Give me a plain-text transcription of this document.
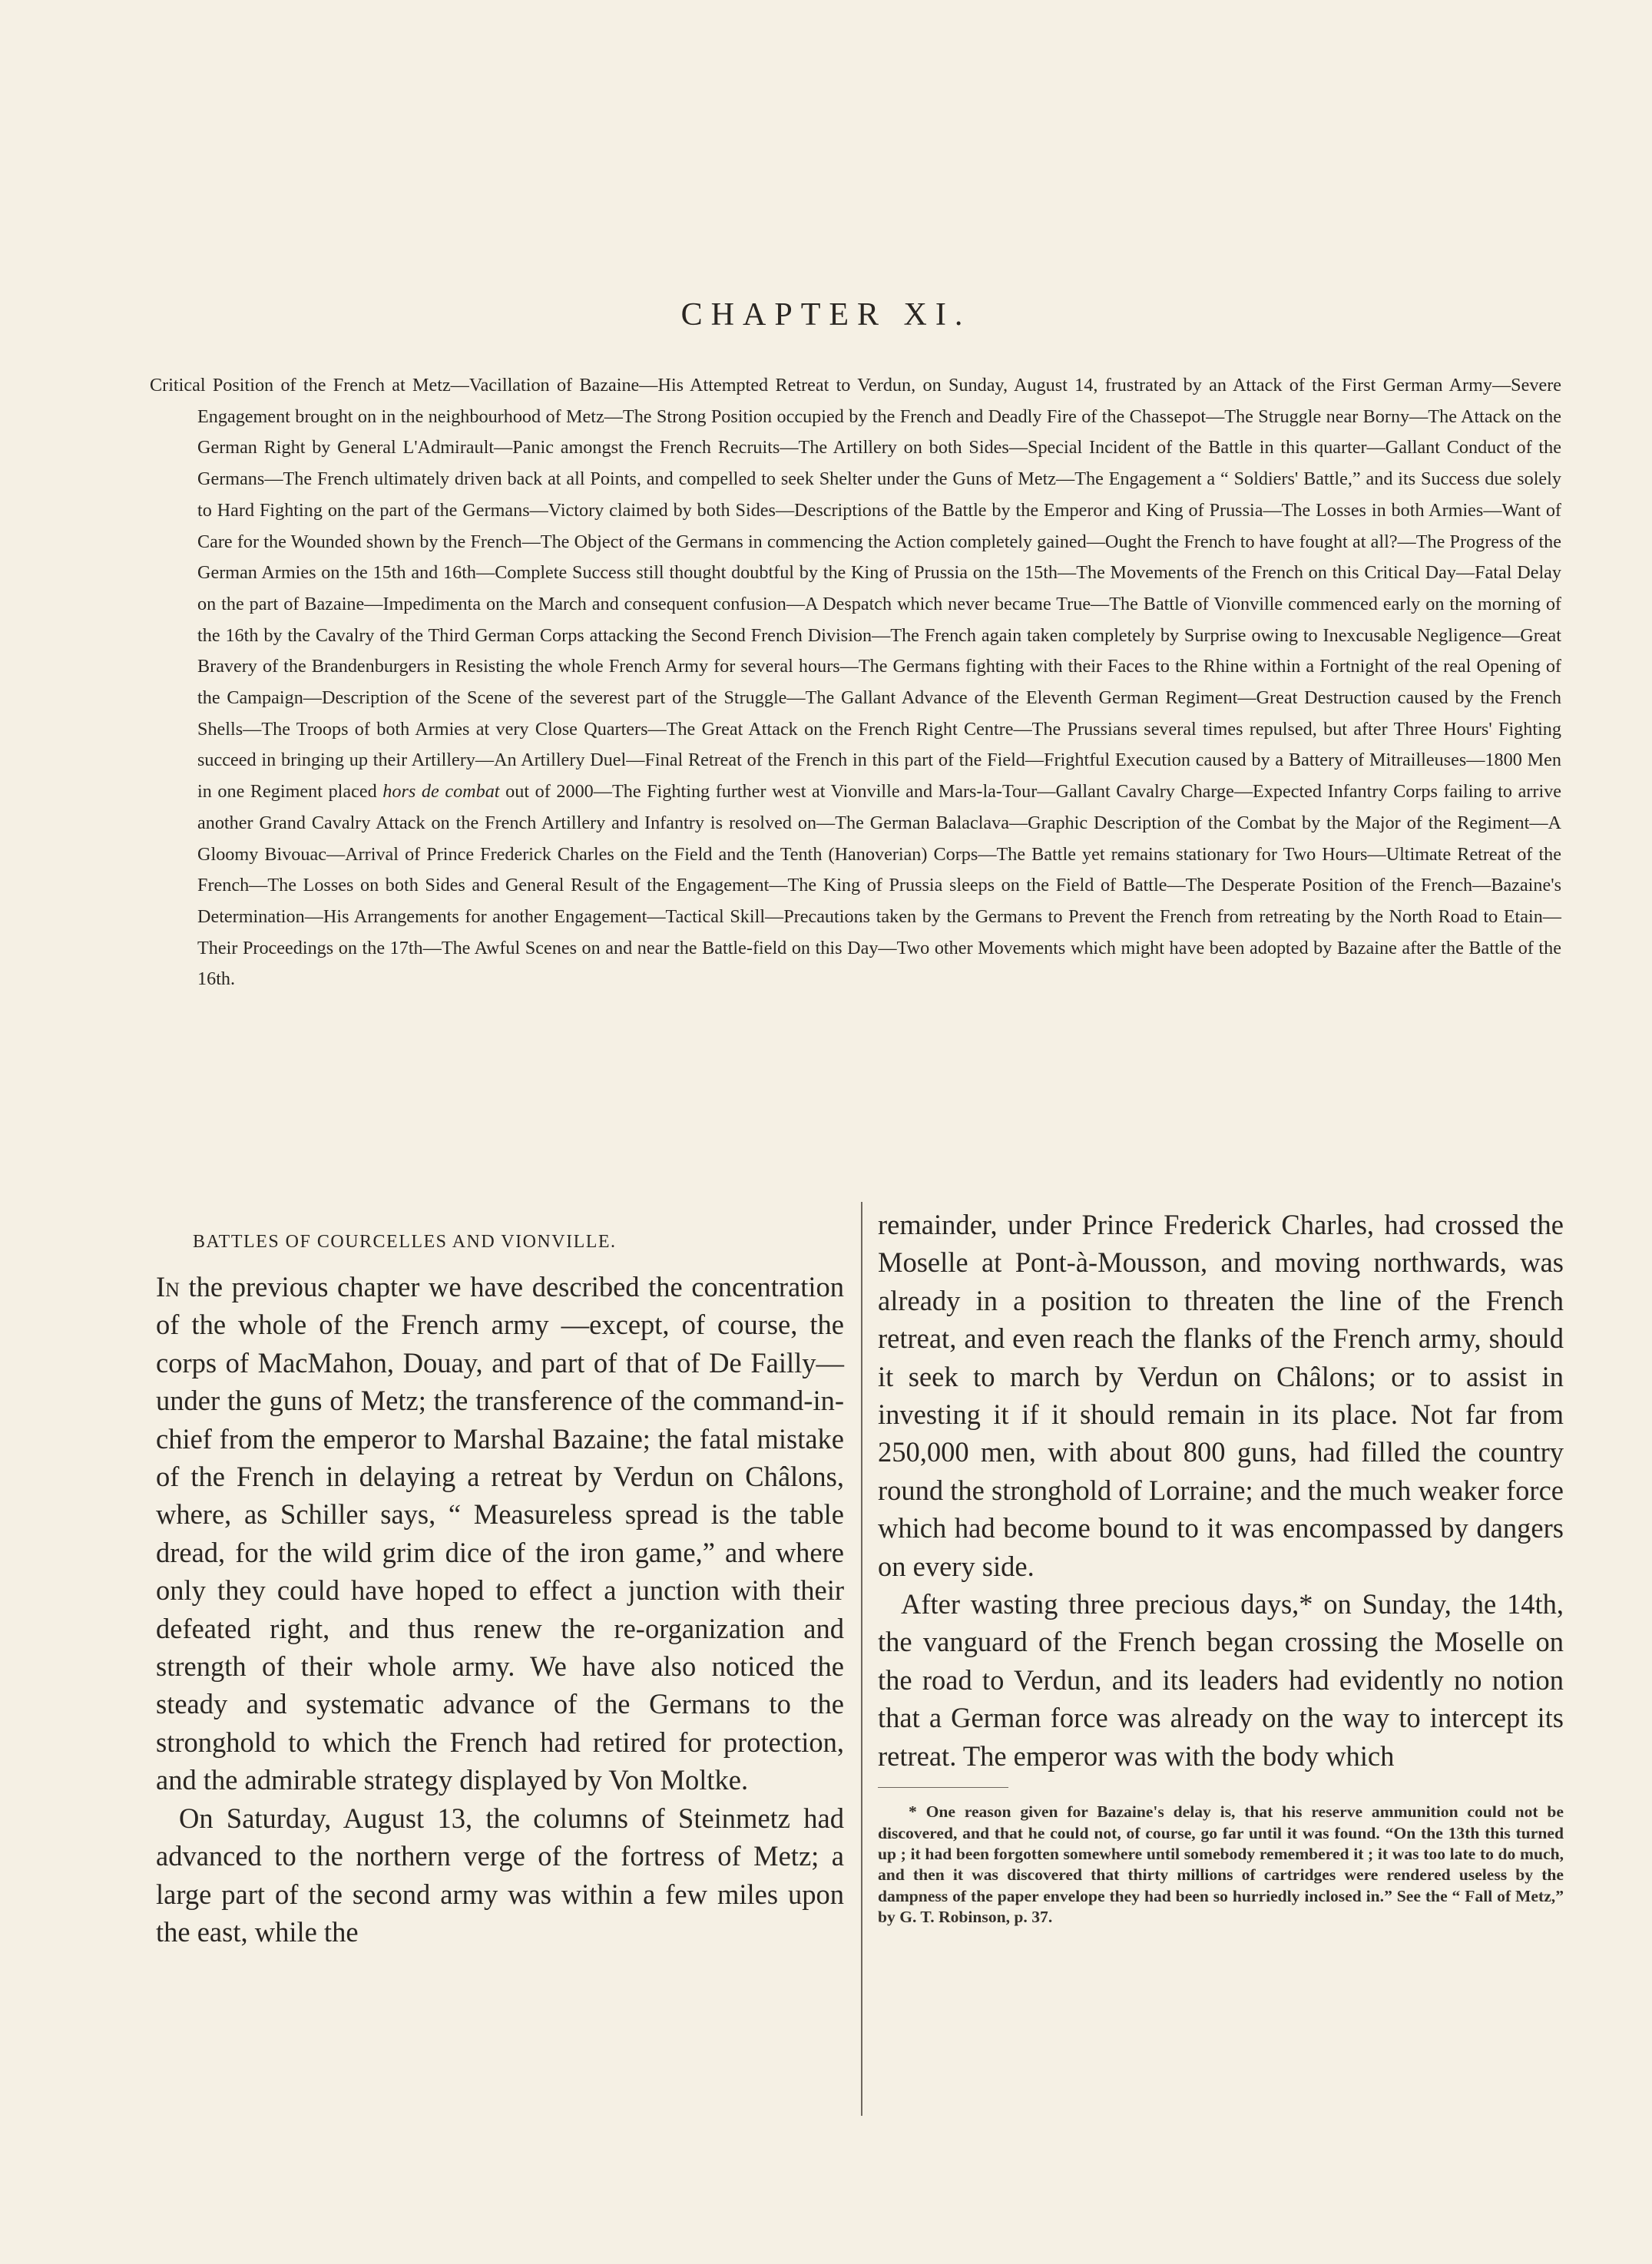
CHAPTER XI.

Critical Position of the French at Metz—Vacillation of Bazaine—His Attempted Retreat to Verdun, on Sunday, August 14, frustrated by an Attack of the First German Army—Severe Engagement brought on in the neighbourhood of Metz—The Strong Position occupied by the French and Deadly Fire of the Chassepot—The Struggle near Borny—The Attack on the German Right by General L'Admirault—Panic amongst the French Recruits—The Artillery on both Sides—Special Incident of the Battle in this quarter—Gallant Conduct of the Germans—The French ultimately driven back at all Points, and compelled to seek Shelter under the Guns of Metz—The Engagement a “ Soldiers' Battle,” and its Success due solely to Hard Fighting on the part of the Germans—Victory claimed by both Sides—Descriptions of the Battle by the Emperor and King of Prussia—The Losses in both Armies—Want of Care for the Wounded shown by the French—The Object of the Germans in commencing the Action completely gained—Ought the French to have fought at all?—The Progress of the German Armies on the 15th and 16th—Complete Success still thought doubtful by the King of Prussia on the 15th—The Movements of the French on this Critical Day—Fatal Delay on the part of Bazaine—Impedimenta on the March and consequent confusion—A Despatch which never became True—The Battle of Vionville commenced early on the morning of the 16th by the Cavalry of the Third German Corps attacking the Second French Division—The French again taken completely by Surprise owing to Inexcusable Negligence—Great Bravery of the Brandenburgers in Resisting the whole French Army for several hours—The Germans fighting with their Faces to the Rhine within a Fortnight of the real Opening of the Campaign—Description of the Scene of the severest part of the Struggle—The Gallant Advance of the Eleventh German Regiment—Great Destruction caused by the French Shells—The Troops of both Armies at very Close Quarters—The Great Attack on the French Right Centre—The Prussians several times repulsed, but after Three Hours' Fighting succeed in bringing up their Artillery—An Artillery Duel—Final Retreat of the French in this part of the Field—Frightful Execution caused by a Battery of Mitrailleuses—1800 Men in one Regiment placed hors de combat out of 2000—The Fighting further west at Vionville and Mars-la-Tour—Gallant Cavalry Charge—Expected Infantry Corps failing to arrive another Grand Cavalry Attack on the French Artillery and Infantry is resolved on—The German Balaclava—Graphic Description of the Combat by the Major of the Regiment—A Gloomy Bivouac—Arrival of Prince Frederick Charles on the Field and the Tenth (Hanoverian) Corps—The Battle yet remains stationary for Two Hours—Ultimate Retreat of the French—The Losses on both Sides and General Result of the Engagement—The King of Prussia sleeps on the Field of Battle—The Desperate Position of the French—Bazaine's Determination—His Arrangements for another Engagement—Tactical Skill—Precautions taken by the Germans to Prevent the French from retreating by the North Road to Etain—Their Proceedings on the 17th—The Awful Scenes on and near the Battle-field on this Day—Two other Movements which might have been adopted by Bazaine after the Battle of the 16th.

BATTLES OF COURCELLES AND VIONVILLE.

In the previous chapter we have described the concentration of the whole of the French army —except, of course, the corps of MacMahon, Douay, and part of that of De Failly—under the guns of Metz; the transference of the command-in-chief from the emperor to Marshal Bazaine; the fatal mistake of the French in delaying a retreat by Verdun on Châlons, where, as Schiller says, “ Measureless spread is the table dread, for the wild grim dice of the iron game,” and where only they could have hoped to effect a junction with their defeated right, and thus renew the re-organization and strength of their whole army. We have also noticed the steady and systematic advance of the Germans to the stronghold to which the French had retired for protection, and the admirable strategy displayed by Von Moltke.

On Saturday, August 13, the columns of Steinmetz had advanced to the northern verge of the fortress of Metz; a large part of the second army was within a few miles upon the east, while the

remainder, under Prince Frederick Charles, had crossed the Moselle at Pont-à-Mousson, and moving northwards, was already in a position to threaten the line of the French retreat, and even reach the flanks of the French army, should it seek to march by Verdun on Châlons; or to assist in investing it if it should remain in its place. Not far from 250,000 men, with about 800 guns, had filled the country round the stronghold of Lorraine; and the much weaker force which had become bound to it was encompassed by dangers on every side.

After wasting three precious days,* on Sunday, the 14th, the vanguard of the French began crossing the Moselle on the road to Verdun, and its leaders had evidently no notion that a German force was already on the way to intercept its retreat. The emperor was with the body which

* One reason given for Bazaine's delay is, that his reserve ammunition could not be discovered, and that he could not, of course, go far until it was found. “On the 13th this turned up ; it had been forgotten somewhere until somebody remembered it ; it was too late to do much, and then it was discovered that thirty millions of cartridges were rendered useless by the dampness of the paper envelope they had been so hurriedly inclosed in.” See the “ Fall of Metz,” by G. T. Robinson, p. 37.
